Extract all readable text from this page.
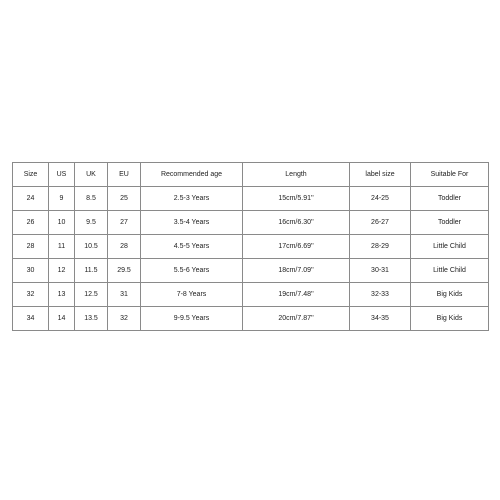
Size	US	UK	EU	Recommended age	Length	label size	Suitable For
24	9	8.5	25	2.5-3 Years	15cm/5.91''	24-25	Toddler
26	10	9.5	27	3.5-4 Years	16cm/6.30''	26-27	Toddler
28	11	10.5	28	4.5-5 Years	17cm/6.69''	28-29	Little Child
30	12	11.5	29.5	5.5-6 Years	18cm/7.09''	30-31	Little Child
32	13	12.5	31	7-8 Years	19cm/7.48''	32-33	Big Kids
34	14	13.5	32	9-9.5 Years	20cm/7.87''	34-35	Big Kids
